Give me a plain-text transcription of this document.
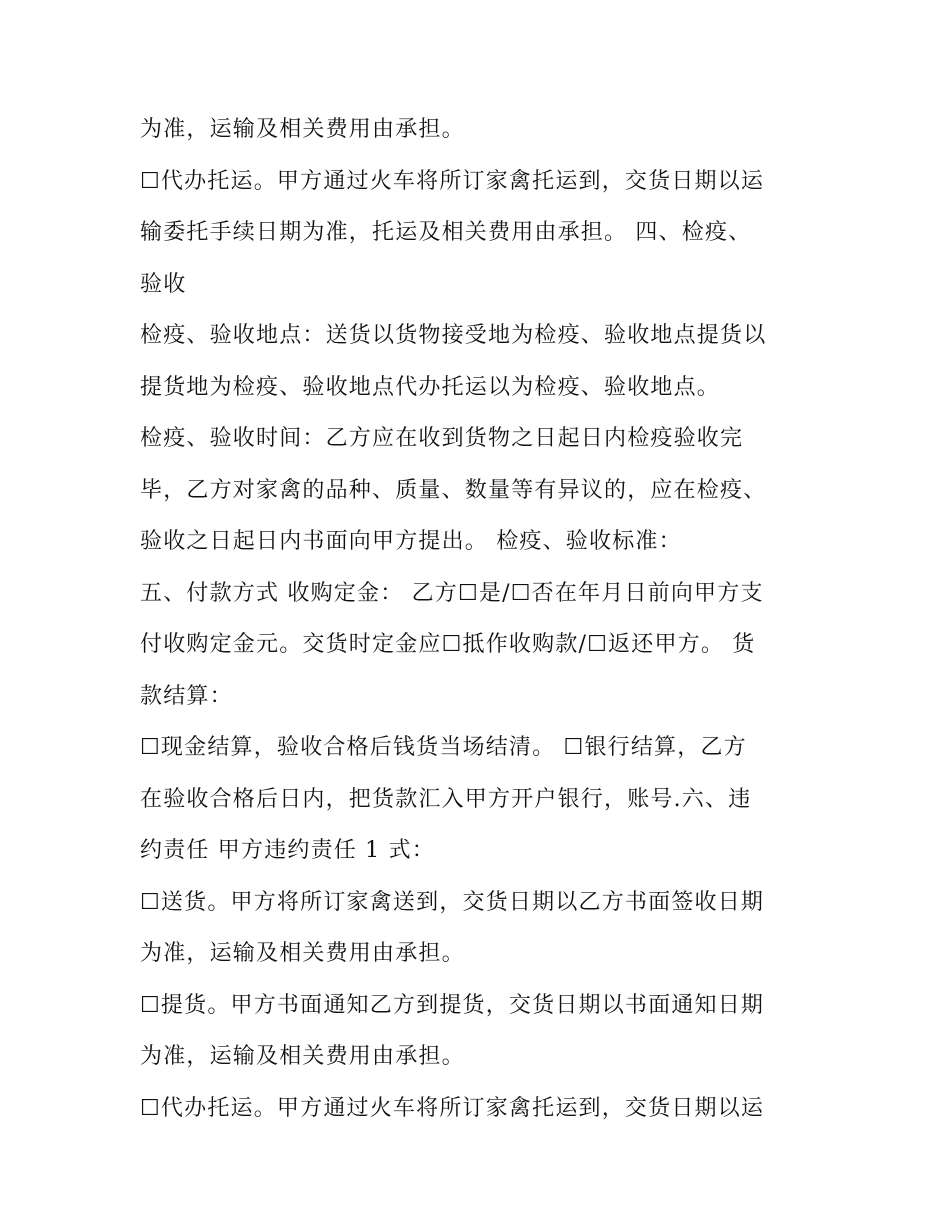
为准，运输及相关费用由承担。
☐代办托运。甲方通过火车将所订家禽托运到，交货日期以运
输委托手续日期为准，托运及相关费用由承担。 四、检疫、
验收
检疫、验收地点：送货以货物接受地为检疫、验收地点提货以
提货地为检疫、验收地点代办托运以为检疫、验收地点。
检疫、验收时间：乙方应在收到货物之日起日内检疫验收完
毕，乙方对家禽的品种、质量、数量等有异议的，应在检疫、
验收之日起日内书面向甲方提出。 检疫、验收标准：
五、付款方式 收购定金： 乙方☐是/☐否在年月日前向甲方支
付收购定金元。交货时定金应☐抵作收购款/☐返还甲方。 货
款结算：
☐现金结算，验收合格后钱货当场结清。 ☐银行结算，乙方
在验收合格后日内，把货款汇入甲方开户银行，账号.六、违
约责任 甲方违约责任 1 式：
☐送货。甲方将所订家禽送到，交货日期以乙方书面签收日期
为准，运输及相关费用由承担。
☐提货。甲方书面通知乙方到提货，交货日期以书面通知日期
为准，运输及相关费用由承担。
☐代办托运。甲方通过火车将所订家禽托运到，交货日期以运
